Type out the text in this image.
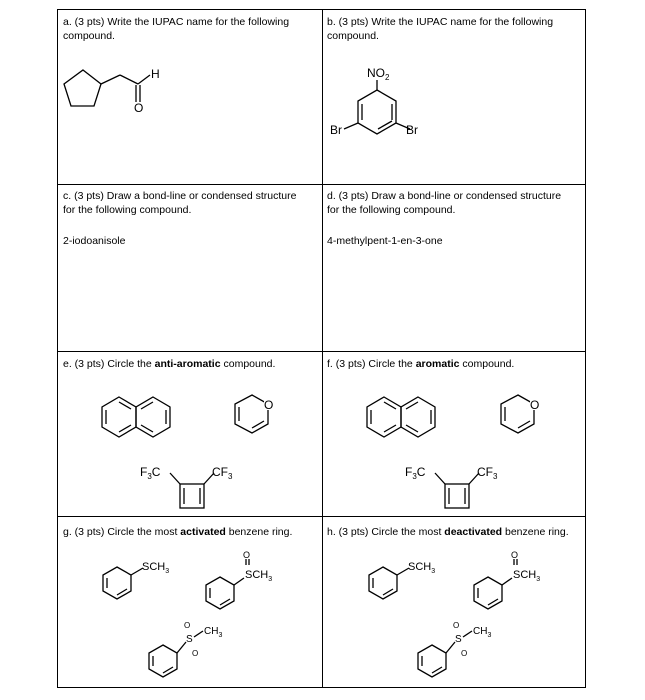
a. (3 pts) Write the IUPAC name for the following compound.
b. (3 pts) Write the IUPAC name for the following compound.
c. (3 pts) Draw a bond-line or condensed structure for the following compound.
2-iodoanisole
d. (3 pts) Draw a bond-line or condensed structure for the following compound.
4-methylpent-1-en-3-one
e. (3 pts) Circle the anti-aromatic compound.	f. (3 pts) Circle the aromatic compound.
g. (3 pts) Circle the most activated benzene ring.	h. (3 pts) Circle the most deactivated benzene ring.
H
O
$NO_2$
Br	Br
O
$F_3C$	$CF_3$
O
$F_3C$	$CF_3$
$SCH_3$
O
$SCH_3$
O
S
O
$CH_3$
$SCH_3$
O
$SCH_3$
O
S
O
$CH_3$
